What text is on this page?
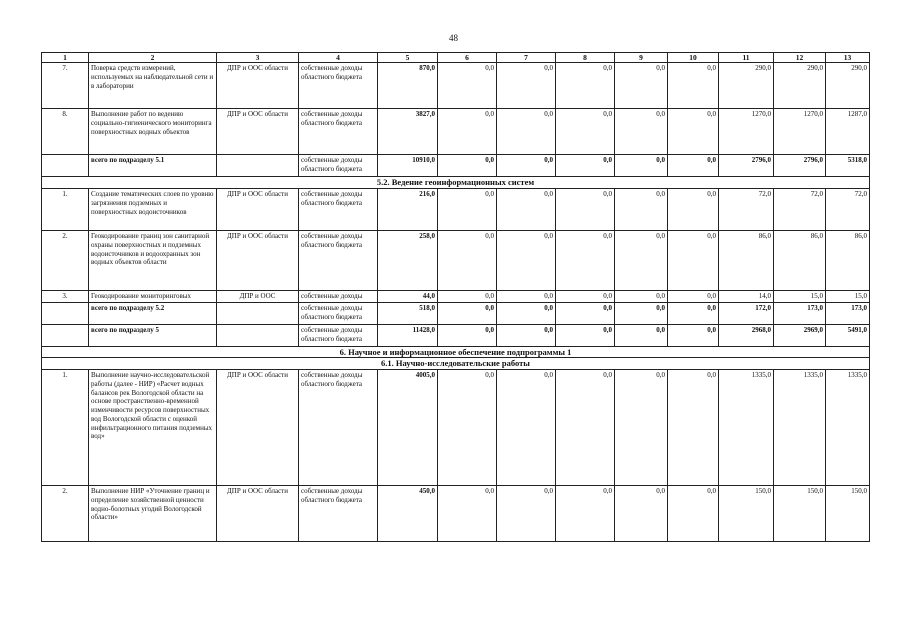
48
1	2	3	4	5	6	7	8	9	10	11	12	13
7.	Поверка средств измерений, используемых на наблюдательной сети и в лаборатории	ДПР и ООС области	собственные доходы областного бюджета	870,0	0,0	0,0	0,0	0,0	0,0	290,0	290,0	290,0
8.	Выполнение работ по ведению социально-гигиенического мониторинга поверхностных водных объектов	ДПР и ООС области	собственные доходы областного бюджета	3827,0	0,0	0,0	0,0	0,0	0,0	1270,0	1270,0	1287,0
	всего по подразделу 5.1		собственные доходы областного бюджета	10910,0	0,0	0,0	0,0	0,0	0,0	2796,0	2796,0	5318,0
5.2. Ведение геоинформационных систем												
1.	Создание тематических слоев по уровню загрязнения подземных и поверхностных водоисточников	ДПР и ООС области	собственные доходы областного бюджета	216,0	0,0	0,0	0,0	0,0	0,0	72,0	72,0	72,0
2.	Геокодирование границ зон санитарной охраны поверхностных и подземных водоисточников и водоохранных зон водных объектов области	ДПР и ООС области	собственные доходы областного бюджета	258,0	0,0	0,0	0,0	0,0	0,0	86,0	86,0	86,0
3.	Геокодирование мониторинговых	ДПР и ООС	собственные доходы	44,0	0,0	0,0	0,0	0,0	0,0	14,0	15,0	15,0
	всего по подразделу 5.2		собственные доходы областного бюджета	518,0	0,0	0,0	0,0	0,0	0,0	172,0	173,0	173,0
	всего по подразделу 5		собственные доходы областного бюджета	11428,0	0,0	0,0	0,0	0,0	0,0	2968,0	2969,0	5491,0
6. Научное и информационное обеспечение подпрограммы 1												
6.1. Научно-исследовательские работы												
1.	Выполнение научно-исследовательской работы (далее - НИР) «Расчет водных балансов рек Вологодской области на основе пространственно-временной изменчивости ресурсов поверхностных вод Вологодской области с оценкой инфильтрационного питания подземных вод»	ДПР и ООС области	собственные доходы областного бюджета	4005,0	0,0	0,0	0,0	0,0	0,0	1335,0	1335,0	1335,0
2.	Выполнение НИР «Уточнение границ и определение хозяйственной ценности водно-болотных угодий Вологодской области»	ДПР и ООС области	собственные доходы областного бюджета	450,0	0,0	0,0	0,0	0,0	0,0	150,0	150,0	150,0
